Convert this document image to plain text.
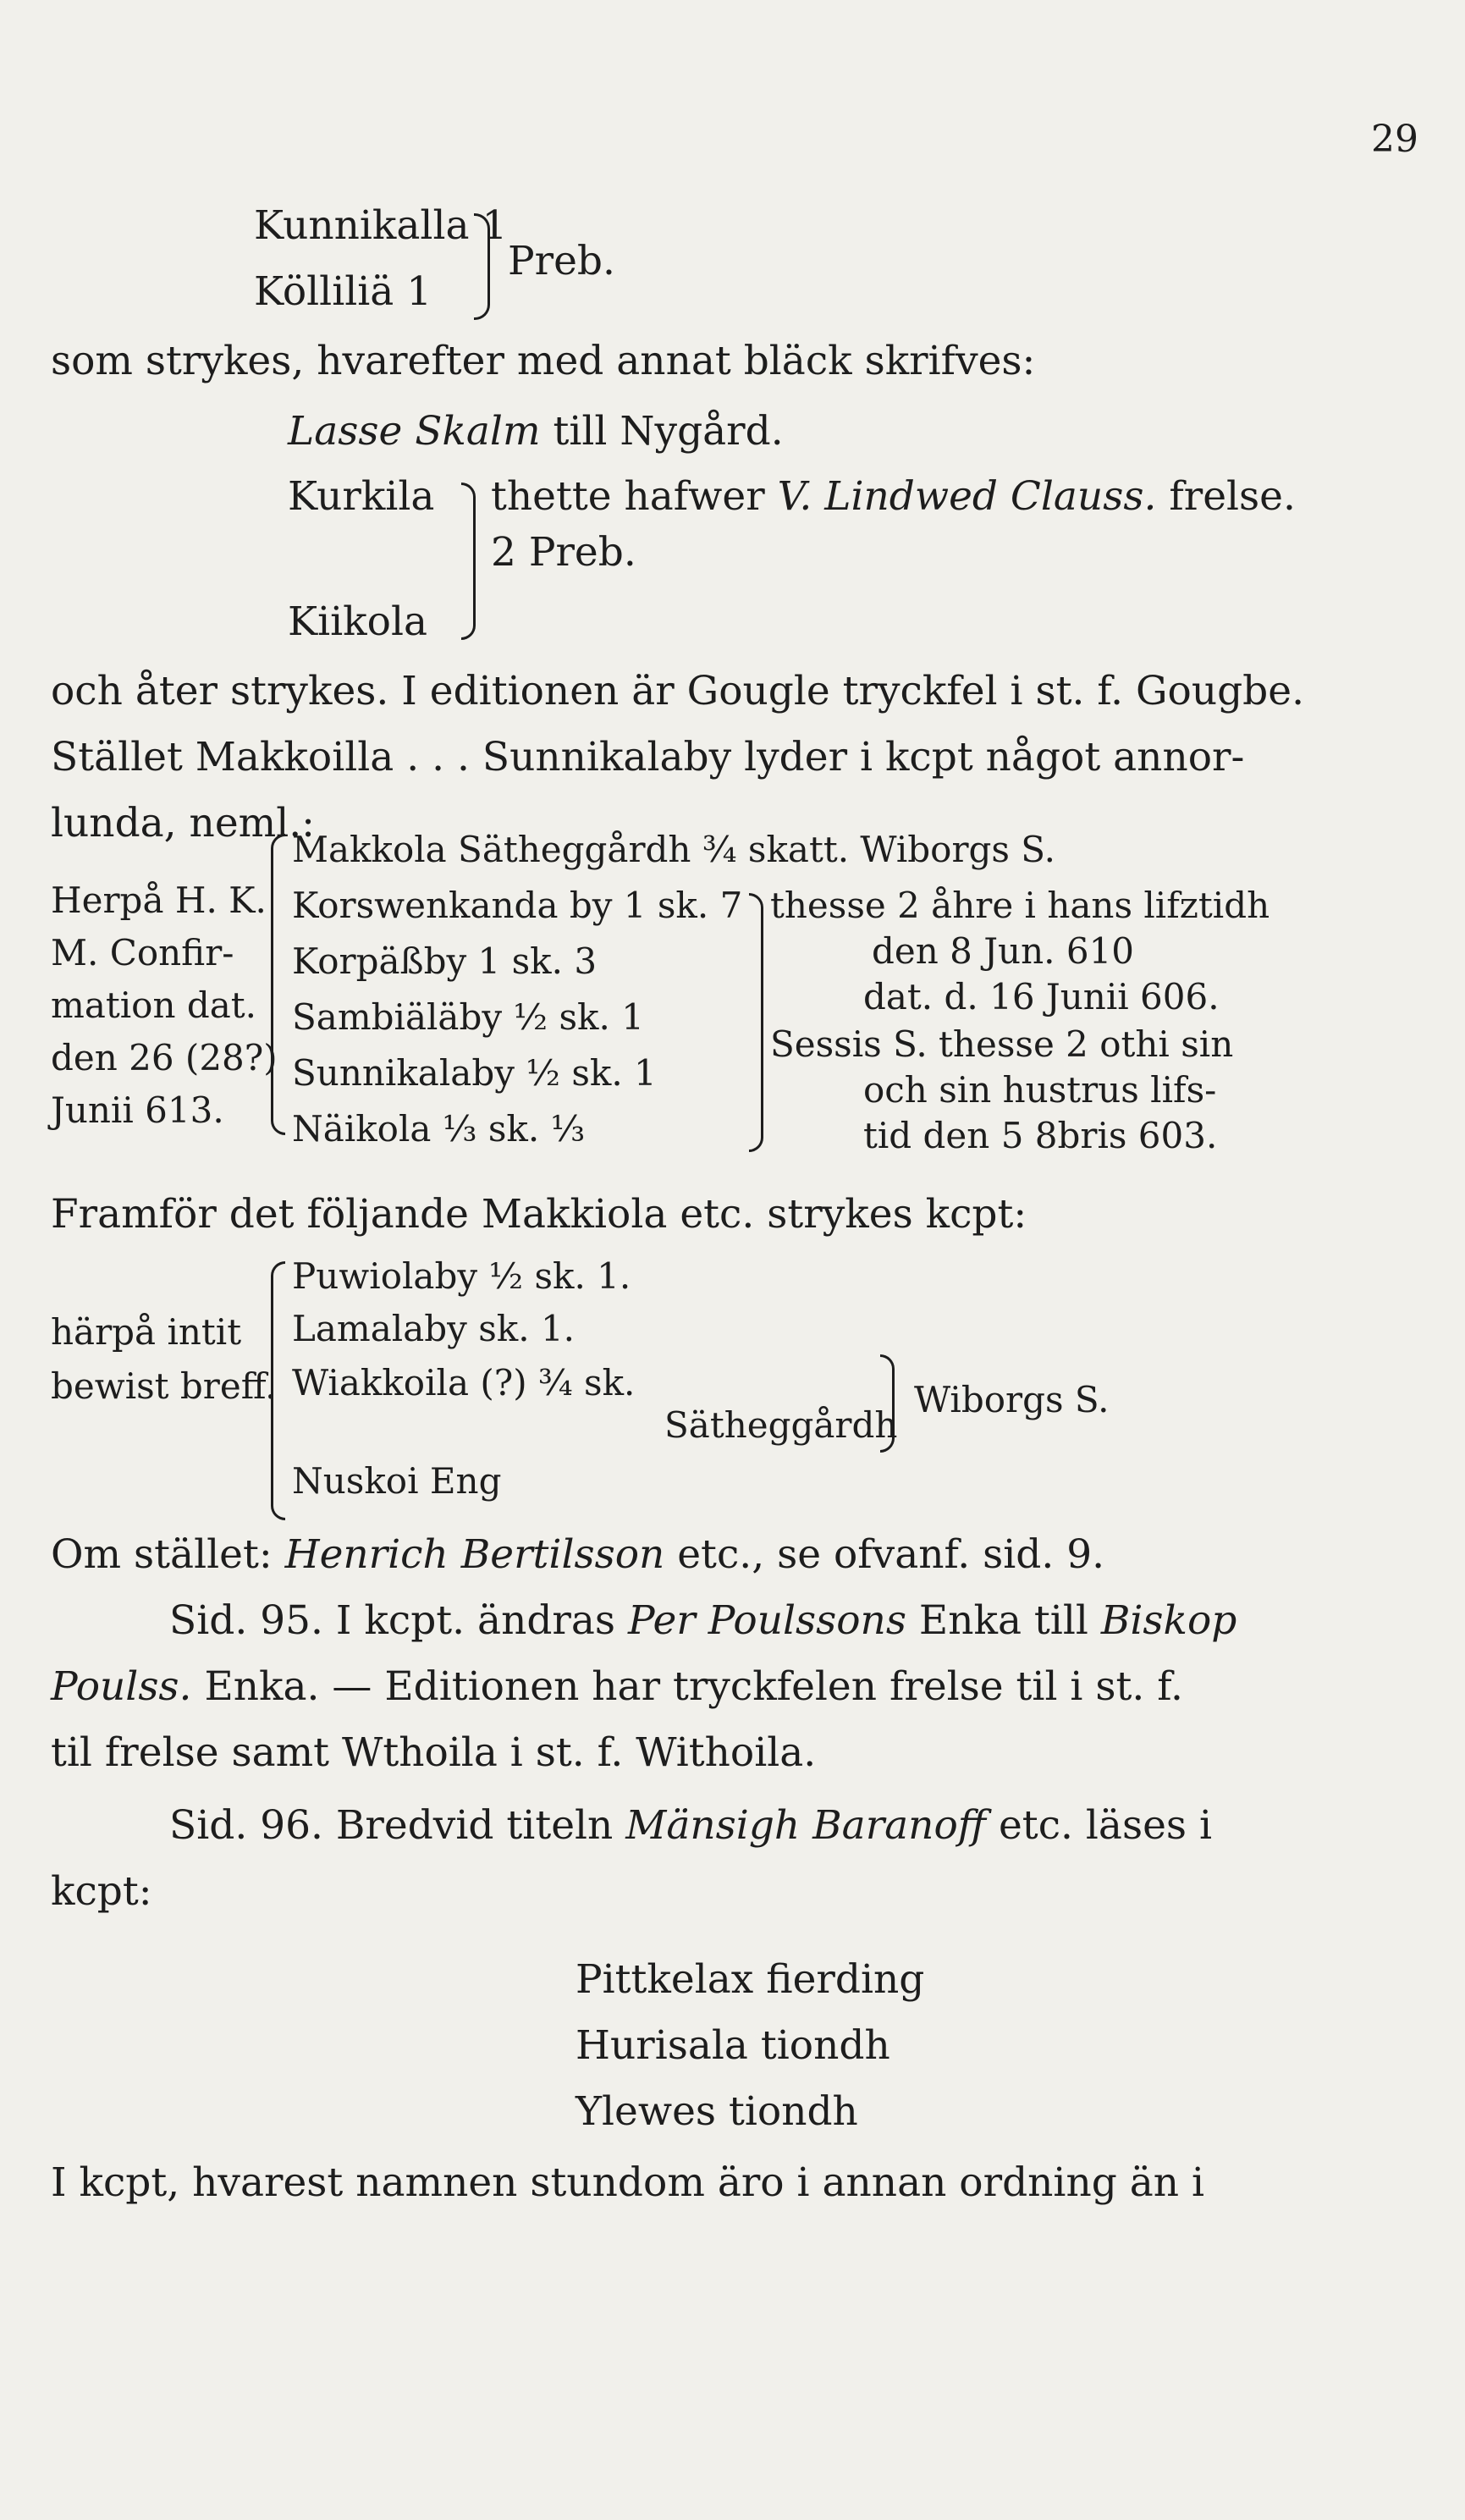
29
Kunnikalla 1
Kölliliä 1
Preb.
som strykes, hvarefter med annat bläck skrifves:
Lasse Skalm till Nygård.
Kurkila thette hafwer V. Lindwed Clauss. frelse.
2 Preb.
Kiikola
och åter strykes. I editionen är Gougle tryckfel i st. f. Gougbe.
Stället Makkoilla . . . Sunnikalaby lyder i kcpt något annor-
lunda, neml.:
Herpå H. K.
M. Confir-
mation dat.
den 26 (28?)
Junii 613.
Makkola Sätheggårdh ¾ skatt. Wiborgs S.
Korswenkanda by 1 sk. 7
Korpäßby 1 sk. 3
Sambiäläby ½ sk. 1
Sunnikalaby ½ sk. 1
Näikola ⅓ sk. ⅓
thesse 2 åhre i hans lifztidh
den 8 Jun. 610
dat. d. 16 Junii 606.
Sessis S. thesse 2 othi sin
och sin hustrus lifs-
tid den 5 8bris 603.
Framför det följande Makkiola etc. strykes kcpt:
härpå intit
bewist breff.
Puwiolaby ½ sk. 1.
Lamalaby sk. 1.
Wiakkoila (?) ¾ sk.
Sätheggårdh
Nuskoi Eng
Wiborgs S.
Om stället: Henrich Bertilsson etc., se ofvanf. sid. 9.
Sid. 95. I kcpt. ändras Per Poulssons Enka till Biskop
Poulss. Enka. — Editionen har tryckfelen frelse til i st. f.
til frelse samt Wthoila i st. f. Withoila.
Sid. 96. Bredvid titeln Mänsigh Baranoff etc. läses i
kcpt:
Pittkelax fierding
Hurisala tiondh
Ylewes tiondh
I kcpt, hvarest namnen stundom äro i annan ordning än i
